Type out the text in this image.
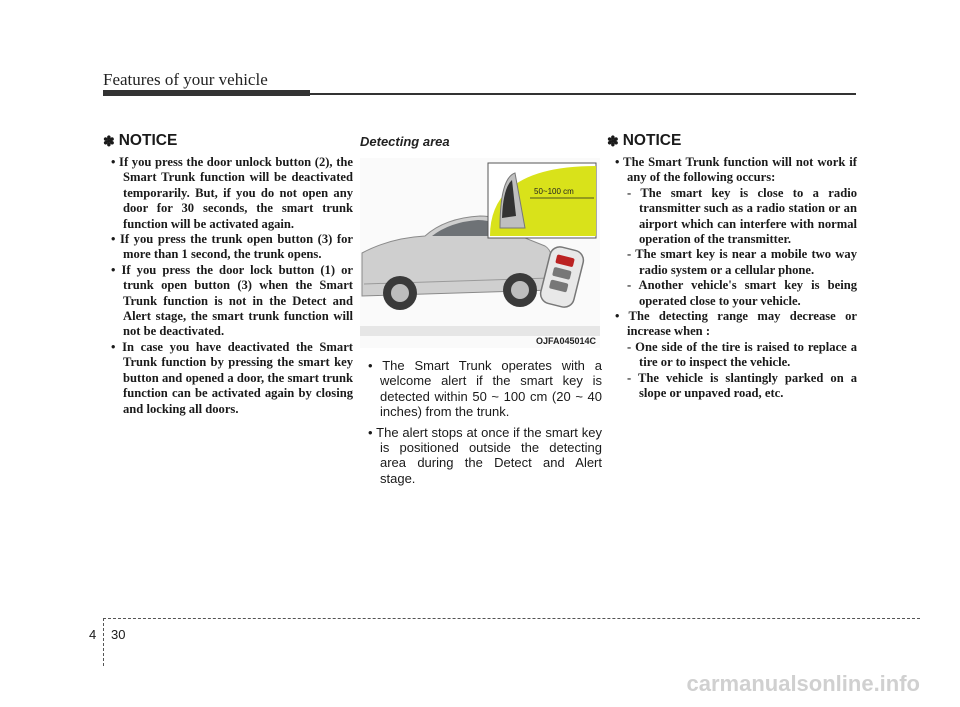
Features of your vehicle
✽ NOTICE
• If you press the door unlock button (2), the Smart Trunk function will be deactivated temporarily. But, if you do not open any door for 30 seconds, the smart trunk function will be activated again.
• If you press the trunk open button (3) for more than 1 second, the trunk opens.
• If you press the door lock button (1) or trunk open button (3) when the Smart Trunk function is not in the Detect and Alert stage, the smart trunk function will not be deactivated.
• In case you have deactivated the Smart Trunk function by pressing the smart key button and opened a door, the smart trunk function can be activated again by closing and locking all doors.
Detecting area
50~100 cm
OJFA045014C
• The Smart Trunk operates with a welcome alert if the smart key is detected within 50 ~ 100 cm (20 ~ 40 inches) from the trunk.
• The alert stops at once if the smart key is positioned outside the detecting area during the Detect and Alert stage.
✽ NOTICE
• The Smart Trunk function will not work if any of the following occurs:
- The smart key is close to a radio transmitter such as a radio station or an airport which can interfere with normal operation of the transmitter.
- The smart key is near a mobile two way radio system or a cellular phone.
- Another vehicle's smart key is being operated close to your vehicle.
• The detecting range may decrease or increase when :
- One side of the tire is raised to replace a tire or to inspect the vehicle.
- The vehicle is slantingly parked on a slope or unpaved road, etc.
4 30
carmanualsonline.info
